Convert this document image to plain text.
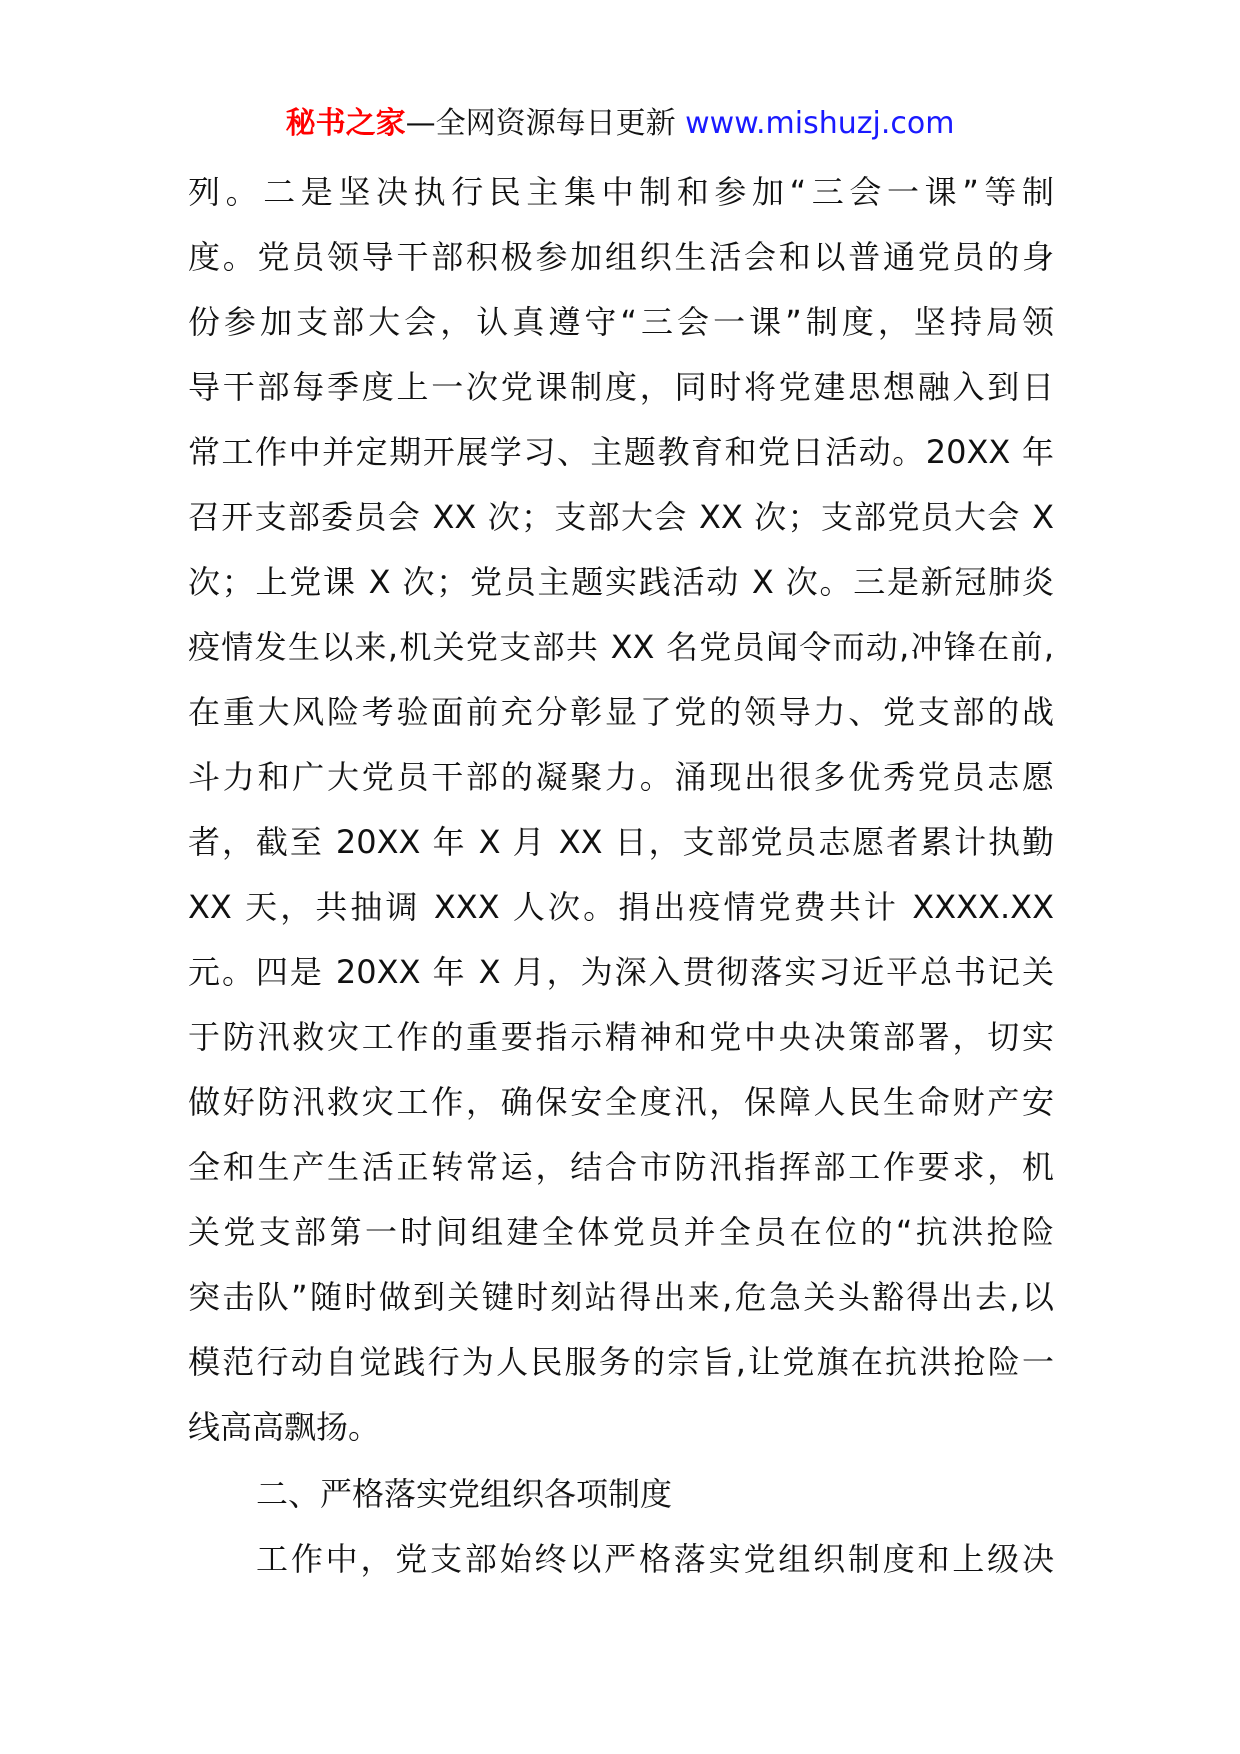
秘书之家—全网资源每日更新 www.mishuzj.com
列。二是坚决执行民主集中制和参加“三会一课”等制
度。党员领导干部积极参加组织生活会和以普通党员的身
份参加支部大会，认真遵守“三会一课”制度，坚持局领
导干部每季度上一次党课制度，同时将党建思想融入到日
常工作中并定期开展学习、主题教育和党日活动。20XX 年
召开支部委员会 XX 次；支部大会 XX 次；支部党员大会 X
次；上党课 X 次；党员主题实践活动 X 次。三是新冠肺炎
疫情发生以来,机关党支部共 XX 名党员闻令而动,冲锋在前,
在重大风险考验面前充分彰显了党的领导力、党支部的战
斗力和广大党员干部的凝聚力。涌现出很多优秀党员志愿
者，截至 20XX 年 X 月 XX 日，支部党员志愿者累计执勤
XX 天，共抽调 XXX 人次。捐出疫情党费共计 XXXX.XX
元。四是 20XX 年 X 月，为深入贯彻落实习近平总书记关
于防汛救灾工作的重要指示精神和党中央决策部署，切实
做好防汛救灾工作，确保安全度汛，保障人民生命财产安
全和生产生活正转常运，结合市防汛指挥部工作要求，机
关党支部第一时间组建全体党员并全员在位的“抗洪抢险
突击队”随时做到关键时刻站得出来,危急关头豁得出去,以
模范行动自觉践行为人民服务的宗旨,让党旗在抗洪抢险一
线高高飘扬。
二、严格落实党组织各项制度
工作中，党支部始终以严格落实党组织制度和上级决
